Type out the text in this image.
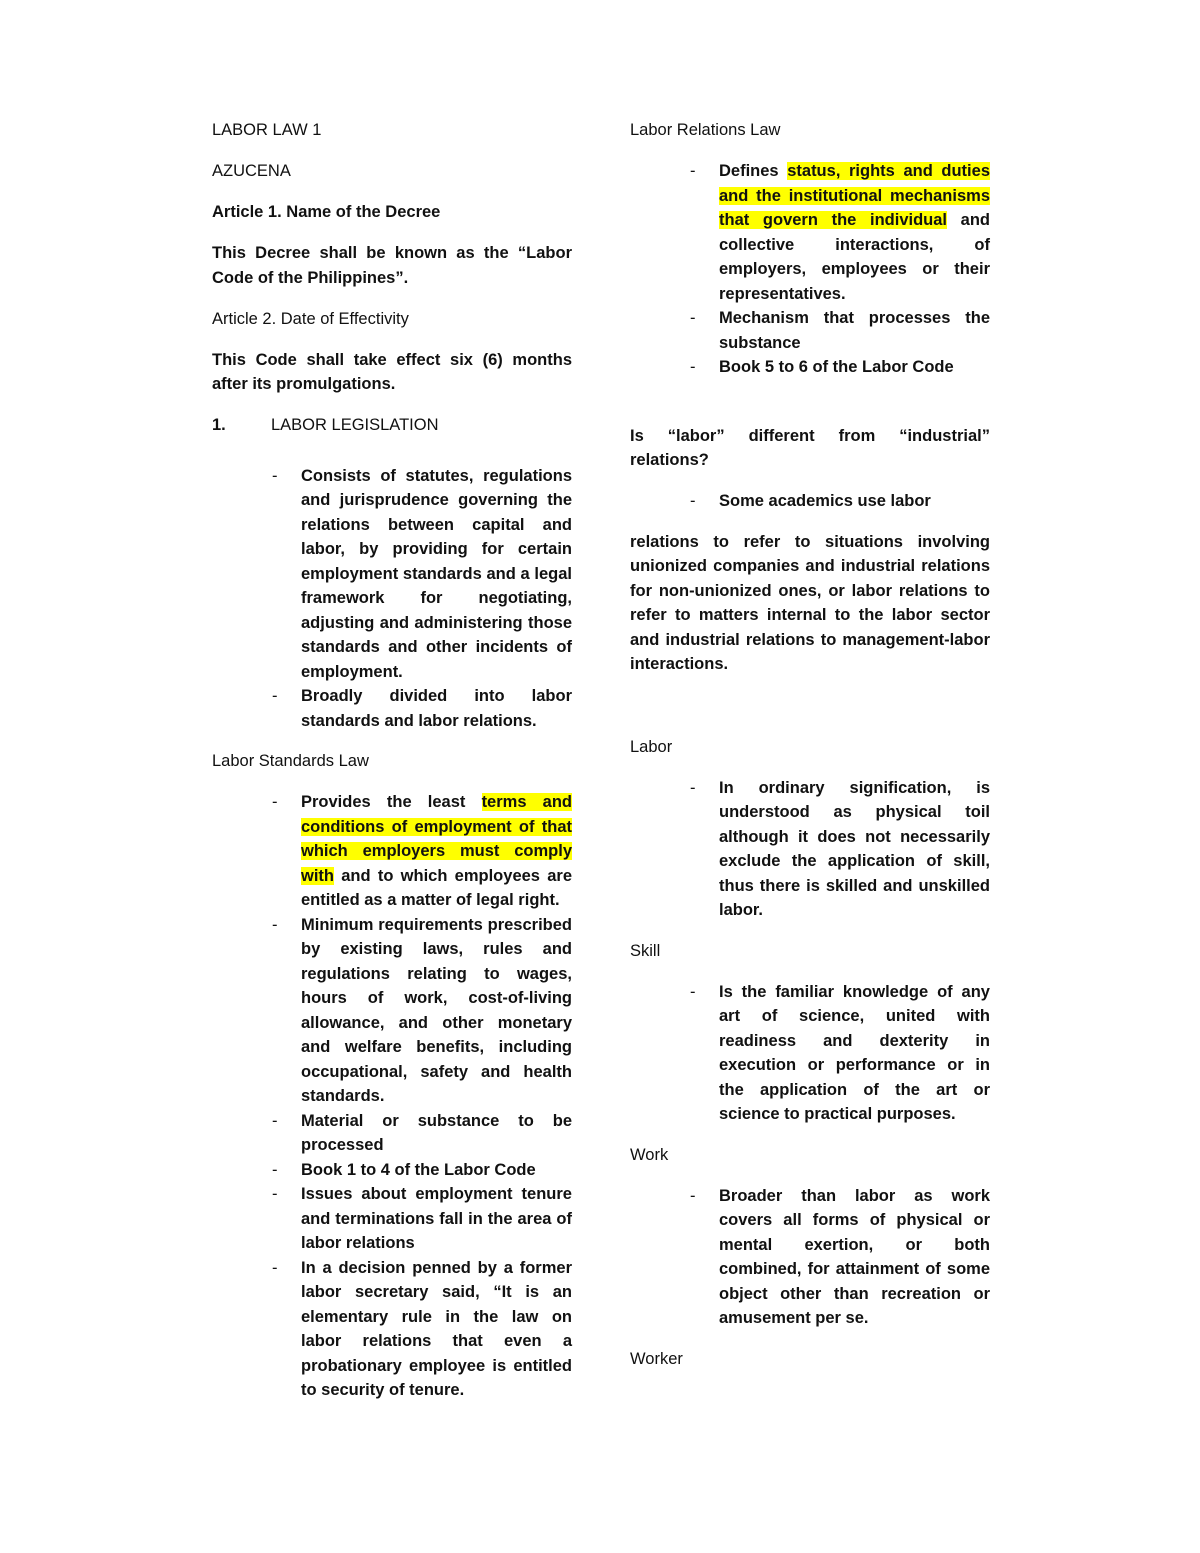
LABOR LAW 1

AZUCENA

Article 1. Name of the Decree

This Decree shall be known as the “Labor Code of the Philippines”.

Article 2. Date of Effectivity

This Code shall take effect six (6) months after its promulgations.

1.	LABOR LEGISLATION
- Consists of statutes, regulations and jurisprudence governing the relations between capital and labor, by providing for certain employment standards and a legal framework for negotiating, adjusting and administering those standards and other incidents of employment.
- Broadly divided into labor standards and labor relations.

Labor Standards Law

- Provides the least terms and conditions of employment of that which employers must comply with and to which employees are entitled as a matter of legal right.
- Minimum requirements prescribed by existing laws, rules and regulations relating to wages, hours of work, cost-of-living allowance, and other monetary and welfare benefits, including occupational, safety and health standards.
- Material or substance to be processed
- Book 1 to 4 of the Labor Code
- Issues about employment tenure and terminations fall in the area of labor relations
- In a decision penned by a former labor secretary said, “It is an elementary rule in the law on labor relations that even a probationary employee is entitled to security of tenure.

Labor Relations Law

- Defines status, rights and duties and the institutional mechanisms that govern the individual and collective interactions, of employers, employees or their representatives.
- Mechanism that processes the substance
- Book 5 to 6 of the Labor Code

Is “labor” different from “industrial” relations?

- Some academics use labor

relations to refer to situations involving unionized companies and industrial relations for non-unionized ones, or labor relations to refer to matters internal to the labor sector and industrial relations to management-labor interactions.

Labor

- In ordinary signification, is understood as physical toil although it does not necessarily exclude the application of skill, thus there is skilled and unskilled labor.

Skill

- Is the familiar knowledge of any art of science, united with readiness and dexterity in execution or performance or in the application of the art or science to practical purposes.

Work

- Broader than labor as work covers all forms of physical or mental exertion, or both combined, for attainment of some object other than recreation or amusement per se.

Worker
